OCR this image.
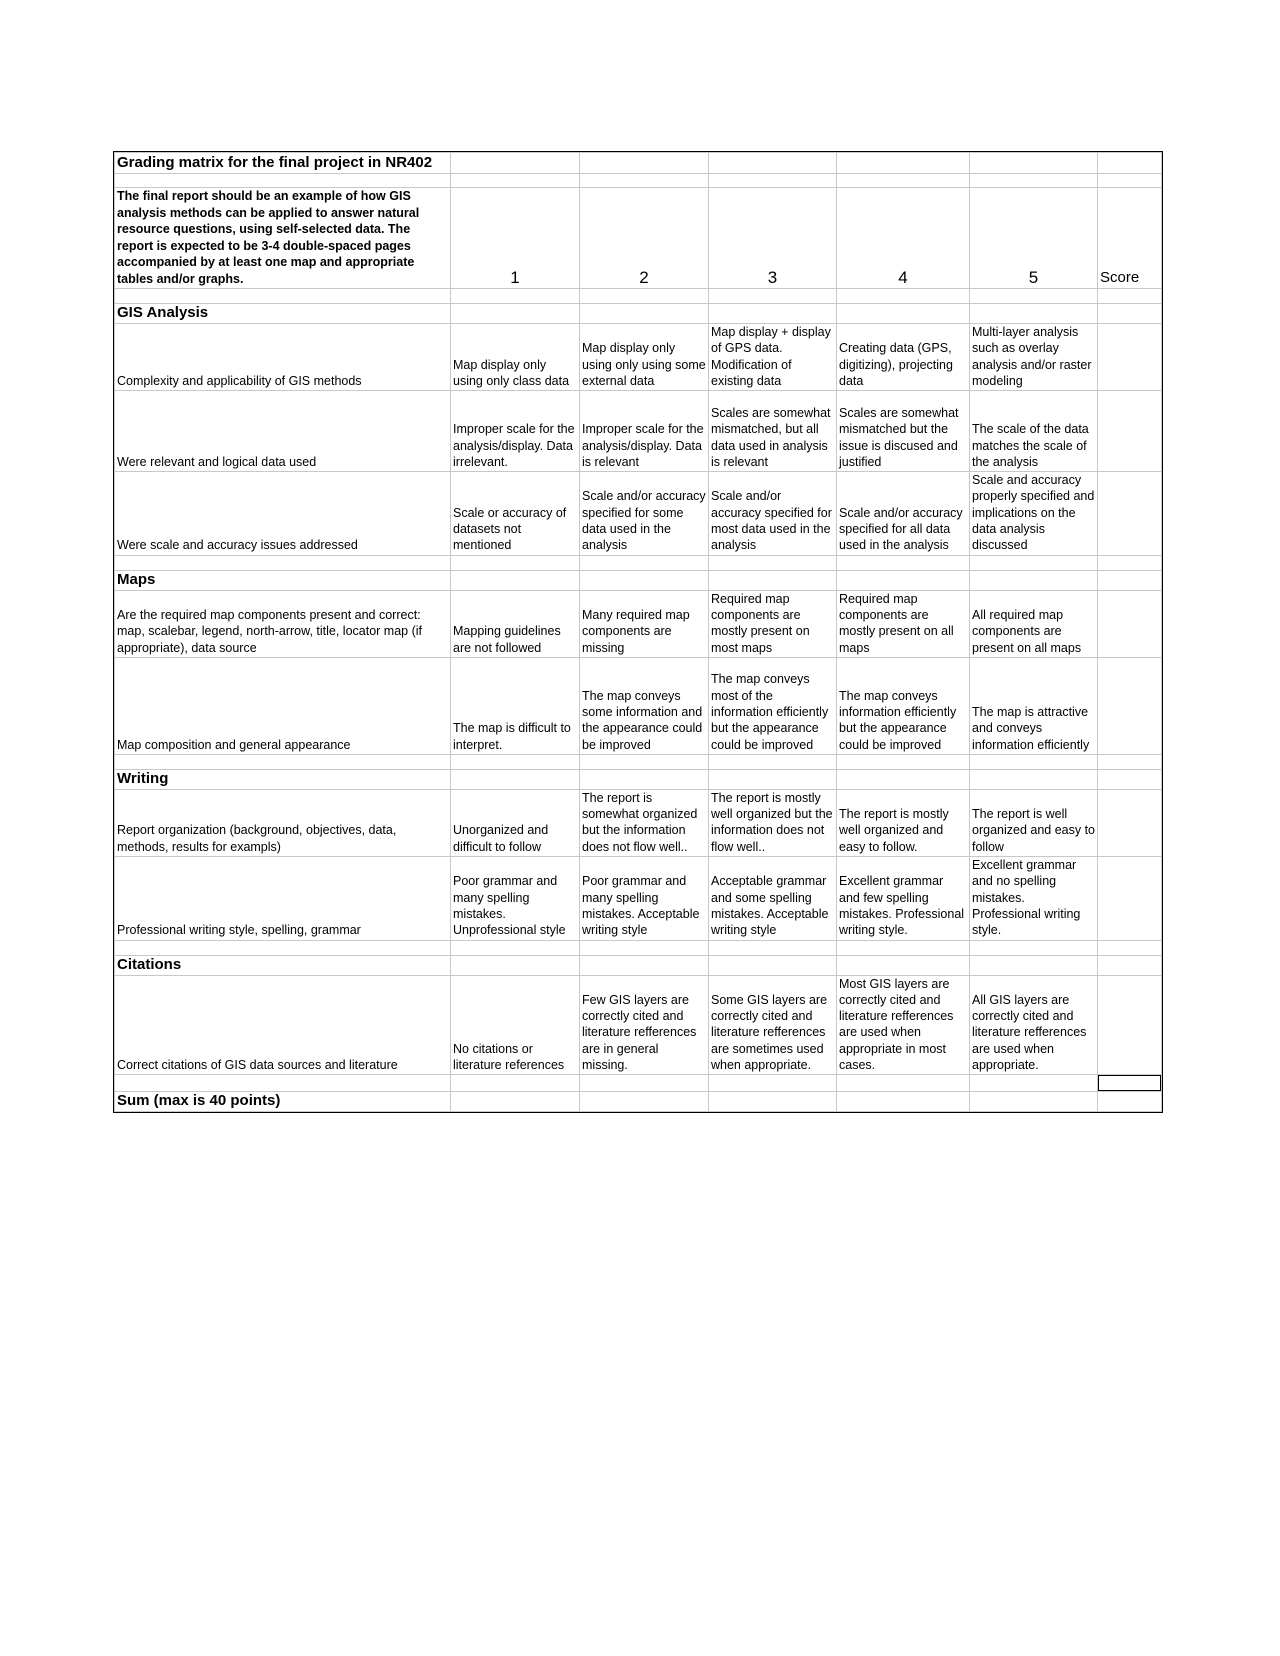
Grading matrix for the final project in NR402						

The final report should be an example of how GIS analysis methods can be applied to answer natural resource questions, using self-selected data. The report is expected to be 3-4 double-spaced pages accompanied by at least one map and appropriate tables and/or graphs.	1	2	3	4	5	Score

GIS Analysis						
Complexity and applicability of GIS methods	Map display only using only class data	Map display only using only using some external data	Map display + display of GPS data. Modification of existing data	Creating data (GPS, digitizing), projecting data	Multi-layer analysis such as overlay analysis and/or raster modeling	
Were relevant and logical data used	Improper scale for the analysis/display. Data irrelevant.	Improper scale for the analysis/display. Data is relevant	Scales are somewhat mismatched, but all data used in analysis is relevant	Scales are somewhat mismatched but the issue is discused and justified	The scale of the data matches the scale of the analysis	
Were scale and accuracy issues addressed	Scale or accuracy of datasets not mentioned	Scale and/or accuracy specified for some data used in the analysis	Scale and/or accuracy specified for most data used in the analysis	Scale and/or accuracy specified for all data used in the analysis	Scale and accuracy properly specified and implications on the data analysis discussed	

Maps						
Are the required map components present and correct: map, scalebar, legend, north-arrow, title, locator map (if appropriate), data source	Mapping guidelines are not followed	Many required map components are missing	Required map components are mostly present on most maps	Required map components are mostly present on all maps	All required map components are present on all maps	
Map composition and general appearance	The map is difficult to interpret.	The map conveys some information and the appearance could be improved	The map conveys most of the information efficiently but the appearance could be improved	The map conveys information efficiently but the appearance could be improved	The map is attractive and conveys information efficiently	

Writing						
Report organization (background, objectives, data, methods, results for exampls)	Unorganized and difficult to follow	The report is somewhat organized but the information does not flow well..	The report is mostly well organized but the information does not flow well..	The report is mostly well organized and easy to follow.	The report is well organized and easy to follow	
Professional writing style, spelling, grammar	Poor grammar and many spelling mistakes. Unprofessional style	Poor grammar and many spelling mistakes. Acceptable writing style	Acceptable grammar and some spelling mistakes. Acceptable writing style	Excellent grammar and few spelling mistakes. Professional writing style.	Excellent grammar and no spelling mistakes. Professional writing style.	

Citations						
Correct citations of GIS data sources and literature	No citations or literature references	Few GIS layers are correctly cited and literature refferences are in general missing.	Some GIS layers are correctly cited and literature refferences are sometimes used when appropriate.	Most GIS layers are correctly cited and literature refferences are used when appropriate in most cases.	All GIS layers are correctly cited and literature refferences are used when appropriate.	

Sum (max is 40 points)						
